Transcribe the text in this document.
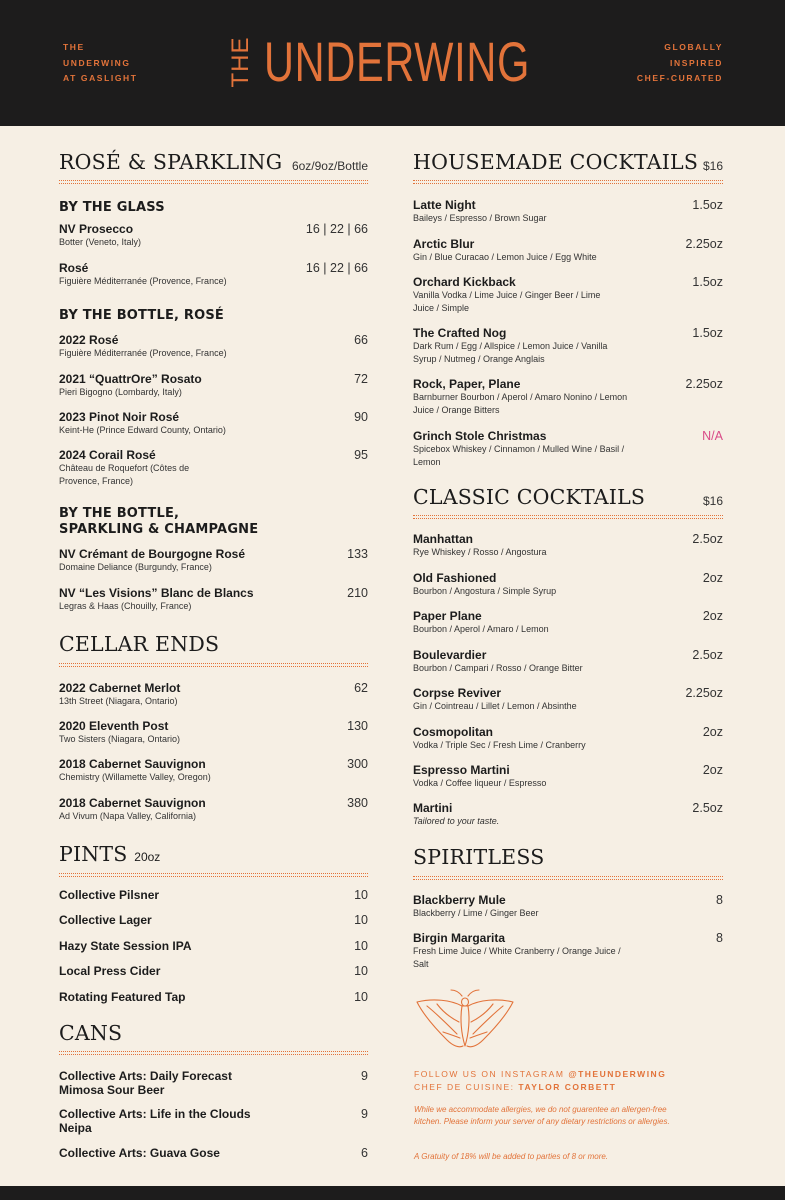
THE
UNDERWING
AT GASLIGHT	THE UNDERWING	GLOBALLY
INSPIRED
CHEF-CURATED
ROSÉ & SPARKLING 6oz/9oz/Bottle
BY THE GLASS
NV Prosecco
Botter (Veneto, Italy)
16 | 22 | 66
Rosé
Figuière Méditerranée (Provence, France)
16 | 22 | 66
BY THE BOTTLE, ROSÉ
2022 Rosé
Figuière Méditerranée (Provence, France)
66
2021 “QuattrOre” Rosato
Pieri Bigogno (Lombardy, Italy)
72
2023 Pinot Noir Rosé
Keint-He (Prince Edward County, Ontario)
90
2024 Corail Rosé
Château de Roquefort (Côtes de Provence, France)
95
BY THE BOTTLE,
SPARKLING & CHAMPAGNE
NV Crémant de Bourgogne Rosé
Domaine Deliance (Burgundy, France)
133
NV “Les Visions” Blanc de Blancs
Legras & Haas (Chouilly, France)
210
CELLAR ENDS
2022 Cabernet Merlot
13th Street (Niagara, Ontario)
62
2020 Eleventh Post
Two Sisters (Niagara, Ontario)
130
2018 Cabernet Sauvignon
Chemistry (Willamette Valley, Oregon)
300
2018 Cabernet Sauvignon
Ad Vivum (Napa Valley, California)
380
PINTS 20oz
Collective Pilsner	10
Collective Lager	10
Hazy State Session IPA	10
Local Press Cider	10
Rotating Featured Tap	10
CANS
Collective Arts: Daily Forecast Mimosa Sour Beer
9
Collective Arts: Life in the Clouds Neipa
9
Collective Arts: Guava Gose	6
HOUSEMADE COCKTAILS $16
Latte Night
Baileys / Espresso / Brown Sugar
1.5oz
Arctic Blur
Gin / Blue Curacao / Lemon Juice / Egg White
2.25oz
Orchard Kickback
Vanilla Vodka / Lime Juice / Ginger Beer / Lime Juice / Simple
1.5oz
The Crafted Nog
Dark Rum / Egg / Allspice / Lemon Juice / Vanilla Syrup / Nutmeg / Orange Anglais
1.5oz
Rock, Paper, Plane
Barnburner Bourbon / Aperol / Amaro Nonino / Lemon Juice / Orange Bitters
2.25oz
Grinch Stole Christmas
Spicebox Whiskey / Cinnamon / Mulled Wine / Basil / Lemon
N/A
CLASSIC COCKTAILS	$16
Manhattan
Rye Whiskey / Rosso / Angostura
2.5oz
Old Fashioned
Bourbon / Angostura / Simple Syrup
2oz
Paper Plane
Bourbon / Aperol / Amaro / Lemon
2oz
Boulevardier
Bourbon / Campari / Rosso / Orange Bitter
2.5oz
Corpse Reviver
Gin / Cointreau / Lillet / Lemon / Absinthe
2.25oz
Cosmopolitan
Vodka / Triple Sec / Fresh Lime / Cranberry
2oz
Espresso Martini
Vodka / Coffee liqueur / Espresso
2oz
Martini
Tailored to your taste.
2.5oz
SPIRITLESS
Blackberry Mule
Blackberry / Lime / Ginger Beer
8
Birgin Margarita
Fresh Lime Juice / White Cranberry / Orange Juice / Salt
8
FOLLOW US ON INSTAGRAM @THEUNDERWING
CHEF DE CUISINE: TAYLOR CORBETT
While we accommodate allergies, we do not guarentee an allergen-free kitchen. Please inform your server of any dietary restrictions or allergies.
A Gratuity of 18% will be added to parties of 8 or more.
